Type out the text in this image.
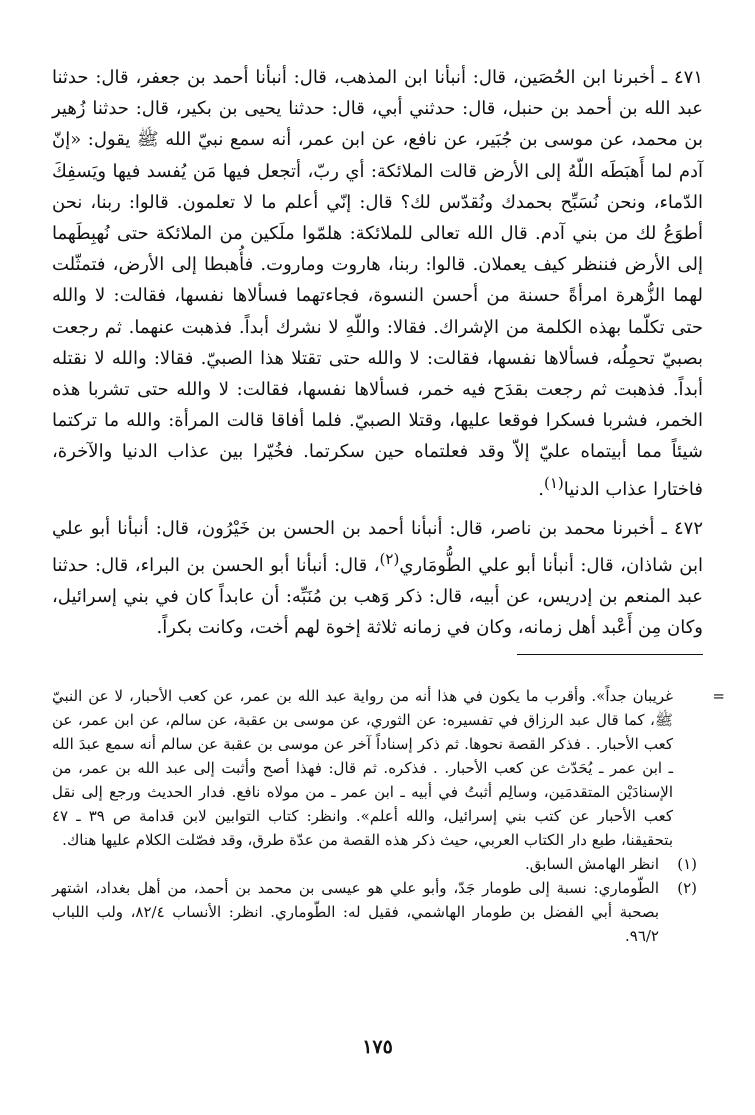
٤٧١ ـ أخبرنا ابن الحُصَين، قال: أنبأنا ابن المذهب، قال: أنبأنا أحمد بن جعفر، قال: حدثنا عبد الله بن أحمد بن حنبل، قال: حدثني أبي، قال: حدثنا يحيى بن بكير، قال: حدثنا زُهير بن محمد، عن موسى بن جُبَير، عن نافع، عن ابن عمر، أنه سمع نبيّ الله ﷺ يقول: «إنّ آدم لما أَهبَطَه اللّهُ إلى الأرض قالت الملائكة: أي ربّ، أتجعل فيها مَن يُفسد فيها ويَسفِكَ الدّماء، ونحن نُسَبِّح بحمدك ونُقدّس لك؟ قال: إنّي أعلم ما لا تعلمون. قالوا: ربنا، نحن أطوَعُ لك من بني آدم. قال الله تعالى للملائكة: هلمّوا ملَكين من الملائكة حتى نُهبِطَهما إلى الأرض فننظر كيف يعملان. قالوا: ربنا، هاروت وماروت. فأُهبطا إلى الأرض، فتمثّلت لهما الزُّهرة امرأةً حسنة من أحسن النسوة، فجاءتهما فسألاها نفسها، فقالت: لا والله حتى تكلّما بهذه الكلمة من الإشراك. فقالا: واللّهِ لا نشرك أبداً. فذهبت عنهما. ثم رجعت بصبيّ تحمِلُه، فسألاها نفسها، فقالت: لا والله حتى تقتلا هذا الصبيّ. فقالا: والله لا نقتله أبداً. فذهبت ثم رجعت بقدَح فيه خمر، فسألاها نفسها، فقالت: لا والله حتى تشربا هذه الخمر، فشربا فسكرا فوقعا عليها، وقتلا الصبيّ. فلما أفاقا قالت المرأة: والله ما تركتما شيئاً مما أبيتماه عليّ إلاّ وقد فعلتماه حين سكرتما. فخُيّرا بين عذاب الدنيا والآخرة، فاختارا عذاب الدنيا$^{(١)}$.

٤٧٢ ـ أخبرنا محمد بن ناصر، قال: أنبأنا أحمد بن الحسن بن خَيْرُون، قال: أنبأنا أبو علي ابن شاذان، قال: أنبأنا أبو علي الطُّومَاري$^{(٢)}$، قال: أنبأنا أبو الحسن بن البراء، قال: حدثنا عبد المنعم بن إدريس، عن أبيه، قال: ذكر وَهب بن مُنَبِّه: أن عابداً كان في بني إسرائيل، وكان مِن أَعْبد أهل زمانه، وكان في زمانه ثلاثة إخوة لهم أخت، وكانت بكراً.

=
غريبان جداً». وأقرب ما يكون في هذا أنه من رواية عبد الله بن عمر، عن كعب الأحبار، لا عن النبيّ ﷺ، كما قال عبد الرزاق في تفسيره: عن الثوري، عن موسى بن عقبة، عن سالم، عن ابن عمر، عن كعب الأحبار. . فذكر القصة نحوها. ثم ذكر إسناداً آخر عن موسى بن عقبة عن سالم أنه سمع عبدَ الله ـ ابن عمر ـ يُحَدّث عن كعب الأحبار. . فذكره. ثم قال: فهذا أصح وأثبت إلى عبد الله بن عمر، من الإسنادَيْن المتقدمَين، وسالِم أثبتُ في أبيه ـ ابن عمر ـ من مولاه نافع. فدار الحديث ورجع إلى نقل كعب الأحبار عن كتب بني إسرائيل، والله أعلم». وانظر: كتاب التوابين لابن قدامة ص ٣٩ ـ ٤٧ بتحقيقنا، طبع دار الكتاب العربي، حيث ذكر هذه القصة من عدّة طرق، وقد فصّلت الكلام عليها هناك.
(١)
انظر الهامش السابق.
(٢)
الطّوماري: نسبة إلى طومار جَدّ، وأبو علي هو عيسى بن محمد بن أحمد، من أهل بغداد، اشتهر بصحبة أبي الفضل بن طومار الهاشمي، فقيل له: الطّوماري. انظر: الأنساب ٨٢/٤، ولب اللباب ٩٦/٢.
١٧٥
